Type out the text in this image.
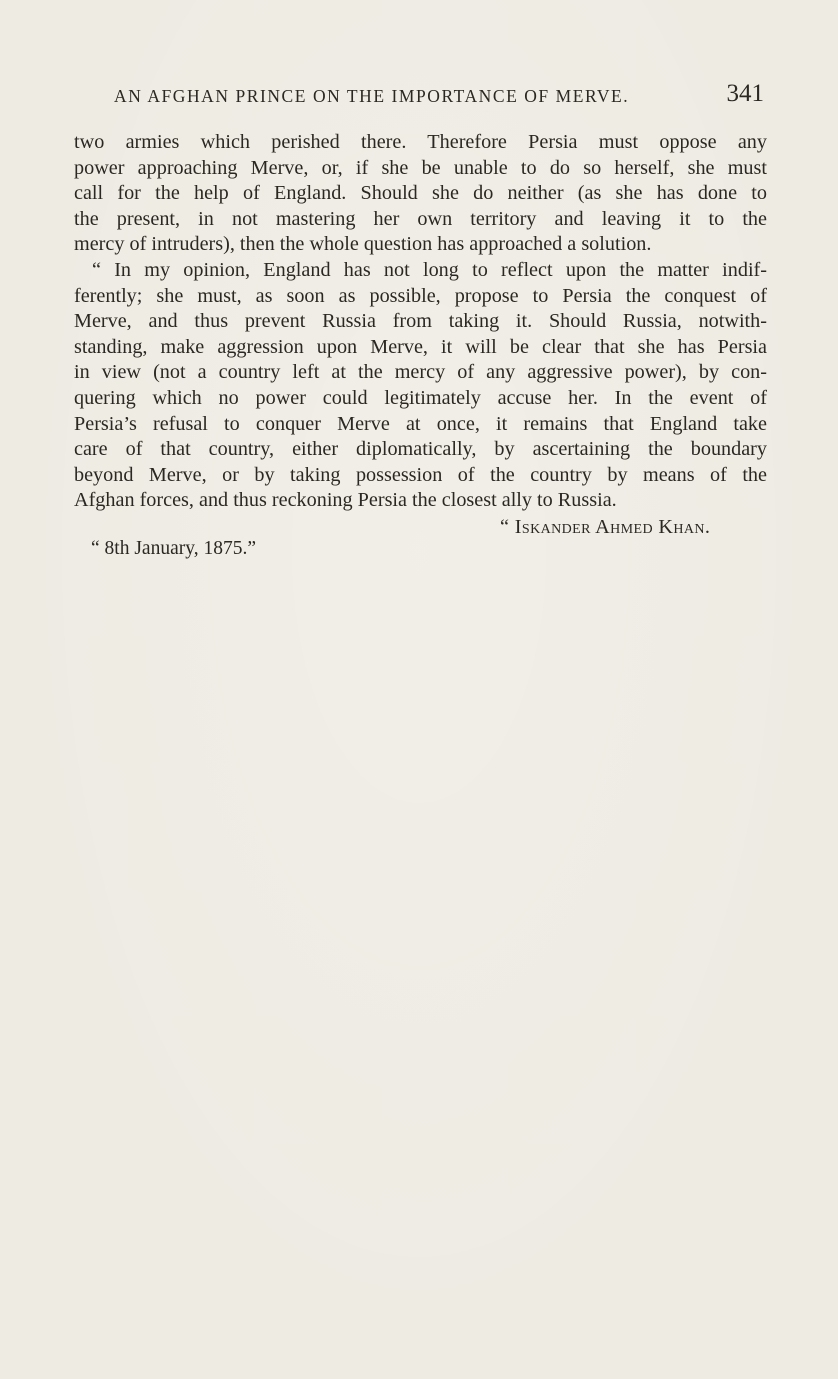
AN AFGHAN PRINCE ON THE IMPORTANCE OF MERVE.	341
two armies which perished there. Therefore Persia must oppose any
power approaching Merve, or, if she be unable to do so herself, she must
call for the help of England. Should she do neither (as she has done to
the present, in not mastering her own territory and leaving it to the
mercy of intruders), then the whole question has approached a solution.
“ In my opinion, England has not long to reflect upon the matter indif-
ferently; she must, as soon as possible, propose to Persia the conquest of
Merve, and thus prevent Russia from taking it. Should Russia, notwith-
standing, make aggression upon Merve, it will be clear that she has Persia
in view (not a country left at the mercy of any aggressive power), by con-
quering which no power could legitimately accuse her. In the event of
Persia’s refusal to conquer Merve at once, it remains that England take
care of that country, either diplomatically, by ascertaining the boundary
beyond Merve, or by taking possession of the country by means of the
Afghan forces, and thus reckoning Persia the closest ally to Russia.
“ Iskander Ahmed Khan.
“ 8th January, 1875.”
